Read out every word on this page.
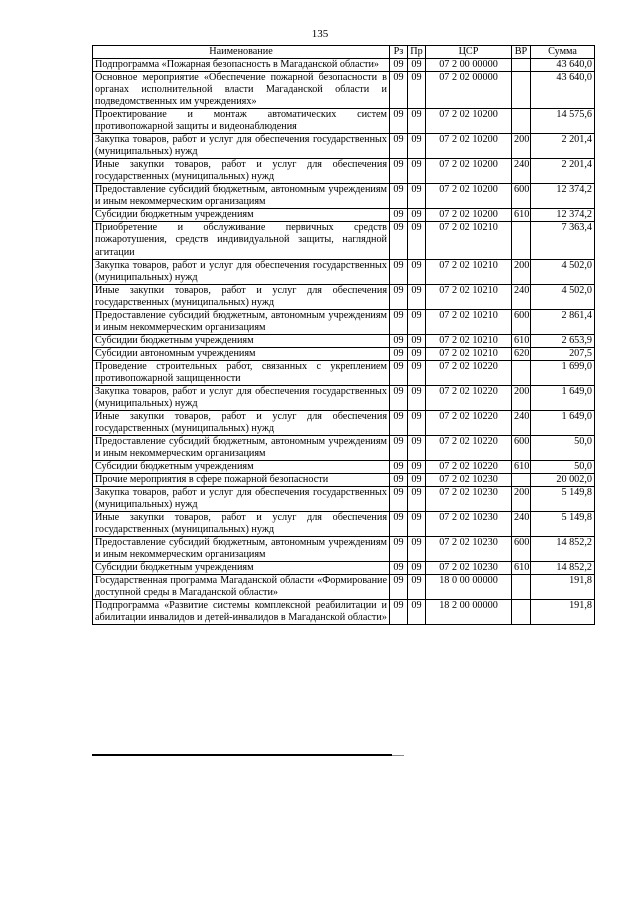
135
Наименование	Рз	Пр	ЦСР	ВР	Сумма
Подпрограмма «Пожарная безопасность в Магаданской области»	09	09	07 2 00 00000		43 640,0
Основное мероприятие «Обеспечение пожарной безопасности в органах исполнительной власти Магаданской области и подведомственных им учреждениях»	09	09	07 2 02 00000		43 640,0
Проектирование и монтаж автоматических систем противопожарной защиты и видеонаблюдения	09	09	07 2 02 10200		14 575,6
Закупка товаров, работ и услуг для обеспечения государственных (муниципальных) нужд	09	09	07 2 02 10200	200	2 201,4
Иные закупки товаров, работ и услуг для обеспечения государственных (муниципальных) нужд	09	09	07 2 02 10200	240	2 201,4
Предоставление субсидий бюджетным, автономным учреждениям и иным некоммерческим организациям	09	09	07 2 02 10200	600	12 374,2
Субсидии бюджетным учреждениям	09	09	07 2 02 10200	610	12 374,2
Приобретение и обслуживание первичных средств пожаротушения, средств индивидуальной защиты, наглядной агитации	09	09	07 2 02 10210		7 363,4
Закупка товаров, работ и услуг для обеспечения государственных (муниципальных) нужд	09	09	07 2 02 10210	200	4 502,0
Иные закупки товаров, работ и услуг для обеспечения государственных (муниципальных) нужд	09	09	07 2 02 10210	240	4 502,0
Предоставление субсидий бюджетным, автономным учреждениям и иным некоммерческим организациям	09	09	07 2 02 10210	600	2 861,4
Субсидии бюджетным учреждениям	09	09	07 2 02 10210	610	2 653,9
Субсидии автономным учреждениям	09	09	07 2 02 10210	620	207,5
Проведение строительных работ, связанных с укреплением противопожарной защищенности	09	09	07 2 02 10220		1 699,0
Закупка товаров, работ и услуг для обеспечения государственных (муниципальных) нужд	09	09	07 2 02 10220	200	1 649,0
Иные закупки товаров, работ и услуг для обеспечения государственных (муниципальных) нужд	09	09	07 2 02 10220	240	1 649,0
Предоставление субсидий бюджетным, автономным учреждениям и иным некоммерческим организациям	09	09	07 2 02 10220	600	50,0
Субсидии бюджетным учреждениям	09	09	07 2 02 10220	610	50,0
Прочие мероприятия в сфере пожарной безопасности	09	09	07 2 02 10230		20 002,0
Закупка товаров, работ и услуг для обеспечения государственных (муниципальных) нужд	09	09	07 2 02 10230	200	5 149,8
Иные закупки товаров, работ и услуг для обеспечения государственных (муниципальных) нужд	09	09	07 2 02 10230	240	5 149,8
Предоставление субсидий бюджетным, автономным учреждениям и иным некоммерческим организациям	09	09	07 2 02 10230	600	14 852,2
Субсидии бюджетным учреждениям	09	09	07 2 02 10230	610	14 852,2
Государственная программа Магаданской области «Формирование доступной среды в Магаданской области»	09	09	18 0 00 00000		191,8
Подпрограмма «Развитие системы комплексной реабилитации и абилитации инвалидов и детей-инвалидов в Магаданской области»	09	09	18 2 00 00000		191,8
